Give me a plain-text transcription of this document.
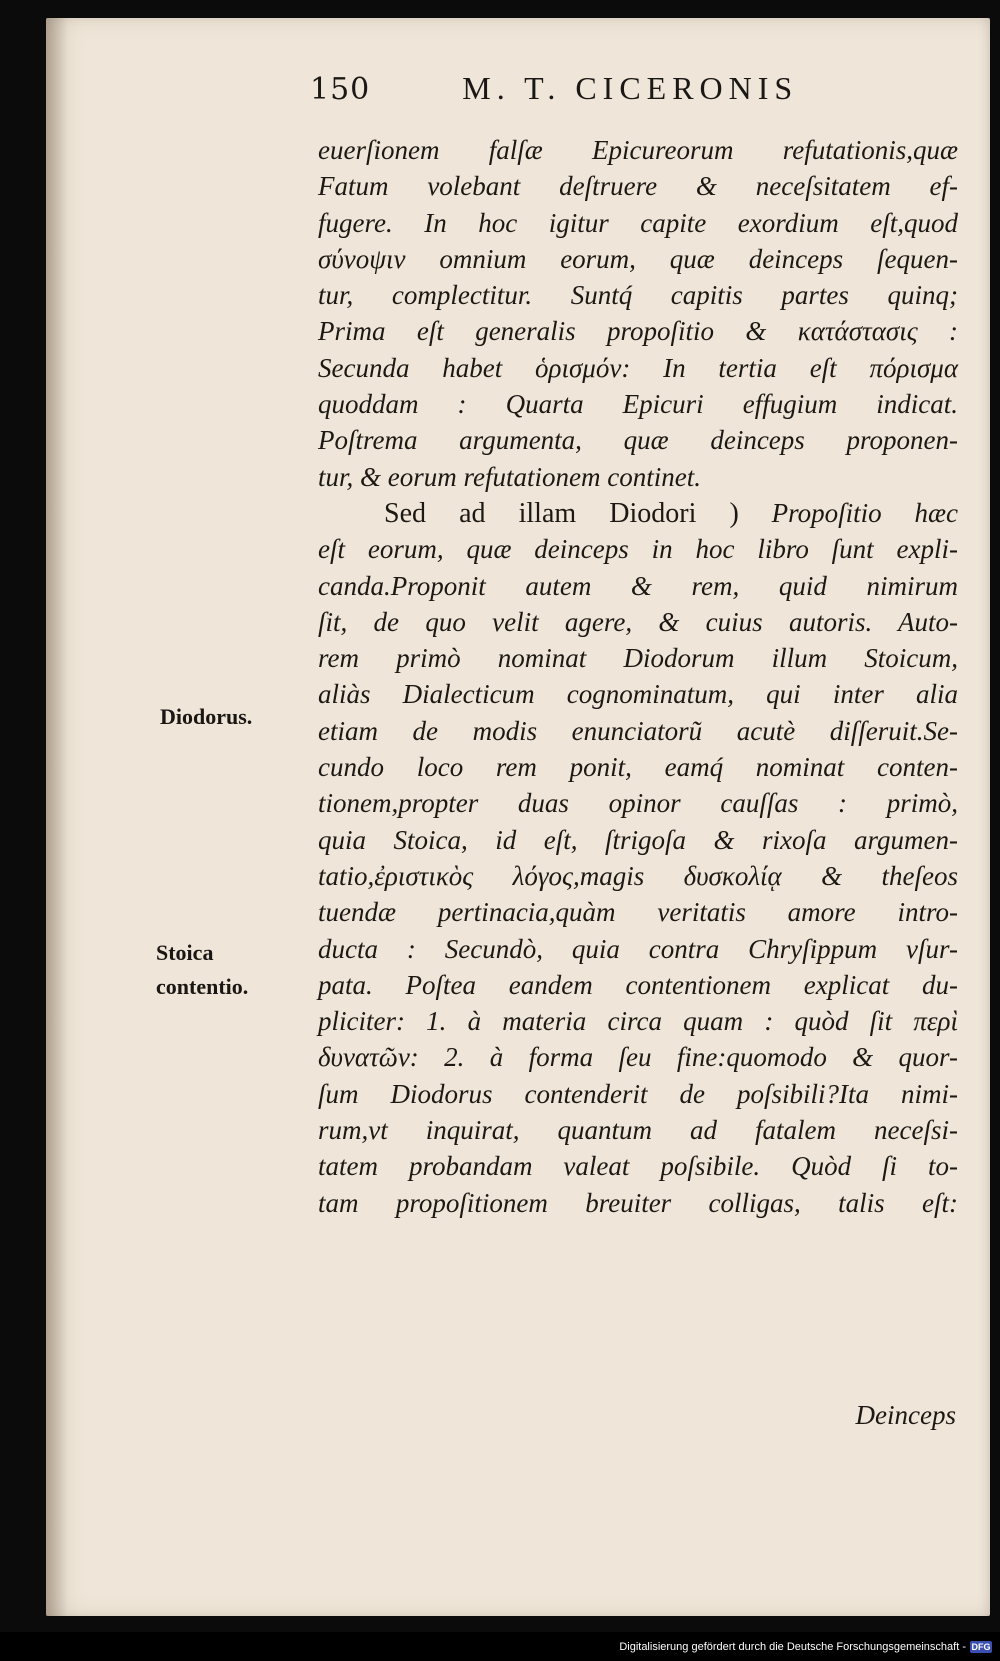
150	M. T. CICERONIS
euerſionem falſæ Epicureorum refutationis,quæ
Fatum volebant deſtruere & neceſsitatem ef-
fugere. In hoc igitur capite exordium eſt,quod
σύνοψιν omnium eorum, quæ deinceps ſequen-
tur, complectitur. Suntq́ capitis partes quinq;
Prima eſt generalis propoſitio & κατάστασις :
Secunda habet ὁρισμόν: In tertia eſt πόρισμα
quoddam : Quarta Epicuri effugium indicat.
Poſtrema argumenta, quæ deinceps proponen-
tur, & eorum refutationem continet.
Sed ad illam Diodori ) Propoſitio hæc
eſt eorum, quæ deinceps in hoc libro ſunt expli-
canda.Proponit autem & rem, quid nimirum
ſit, de quo velit agere, & cuius autoris. Auto-
rem primò nominat Diodorum illum Stoicum,
aliàs Dialecticum cognominatum, qui inter alia
etiam de modis enunciatorũ acutè diſſeruit.Se-
cundo loco rem ponit, eamq́ nominat conten-
tionem,propter duas opinor cauſſas : primò,
quia Stoica, id eſt, ſtrigoſa & rixoſa argumen-
tatio,ἐριστικὸς λόγος,magis δυσκολίᾳ & theſeos
tuendæ pertinacia,quàm veritatis amore intro-
ducta : Secundò, quia contra Chryſippum vſur-
pata. Poſtea eandem contentionem explicat du-
pliciter: 1. à materia circa quam : quòd ſit περὶ
δυνατῶν: 2. à forma ſeu fine:quomodo & quor-
ſum Diodorus contenderit de poſsibili?Ita nimi-
rum,vt inquirat, quantum ad fatalem neceſsi-
tatem probandam valeat poſsibile. Quòd ſi to-
tam propoſitionem breuiter colligas, talis eſt:
Diodorus.
Stoica
contentio.
Deinceps
Digitalisierung gefördert durch die Deutsche Forschungsgemeinschaft - DFG
